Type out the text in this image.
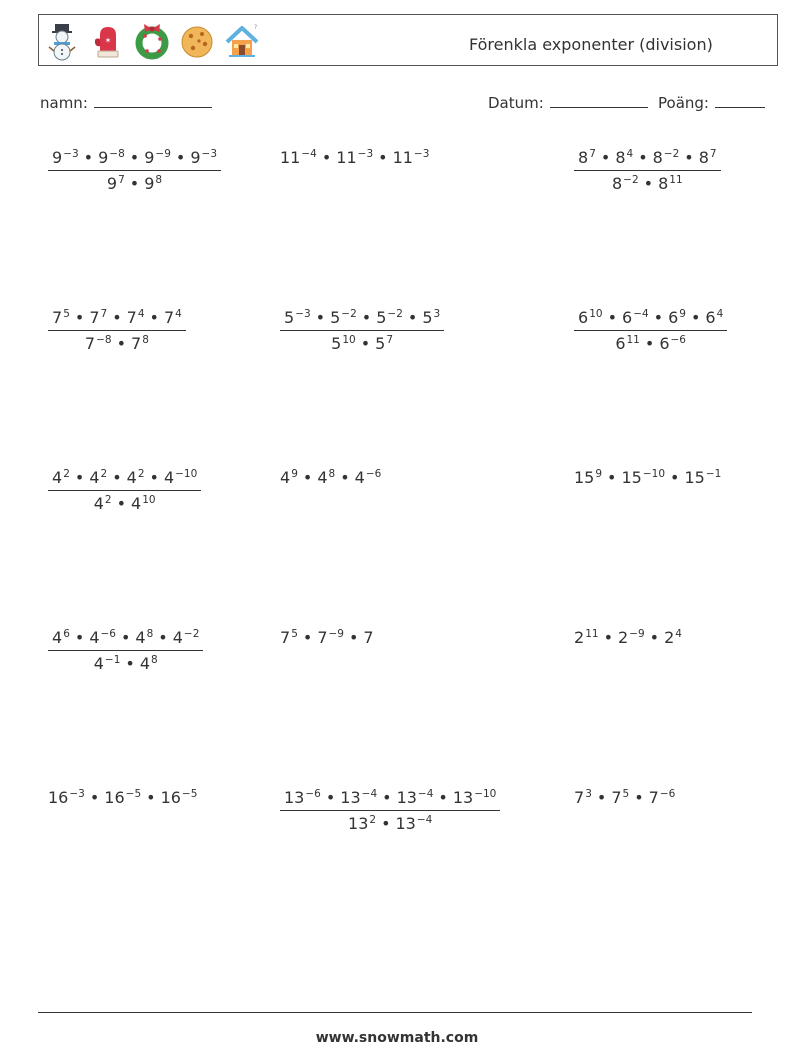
✶
?
Förenkla exponenter (division)
namn:	Datum:	Poäng:
$\frac{9^{-3} • 9^{-8} • 9^{-9} • 9^{-3}}{9^7 • 9^8}$	$11^{-4}$ • $11^{-3}$ • $11^{-3}$	$\frac{8^7 • 8^4 • 8^{-2} • 8^7}{8^{-2} • 8^{11}}$
$\frac{7^5 • 7^7 • 7^4 • 7^4}{7^{-8} • 7^8}$	$\frac{5^{-3} • 5^{-2} • 5^{-2} • 5^3}{5^{10} • 5^7}$	$\frac{6^{10} • 6^{-4} • 6^9 • 6^4}{6^{11} • 6^{-6}}$
$\frac{4^2 • 4^2 • 4^2 • 4^{-10}}{4^2 • 4^{10}}$	$4^9$ • $4^8$ • $4^{-6}$	$15^9$ • $15^{-10}$ • $15^{-1}$
$\frac{4^6 • 4^{-6} • 4^8 • 4^{-2}}{4^{-1} • 4^8}$	$7^5$ • $7^{-9}$ • 7	$2^{11}$ • $2^{-9}$ • $2^4$
$16^{-3}$ • $16^{-5}$ • $16^{-5}$	$\frac{13^{-6} • 13^{-4} • 13^{-4} • 13^{-10}}{13^2 • 13^{-4}}$	$7^3$ • $7^5$ • $7^{-6}$
www.snowmath.com
